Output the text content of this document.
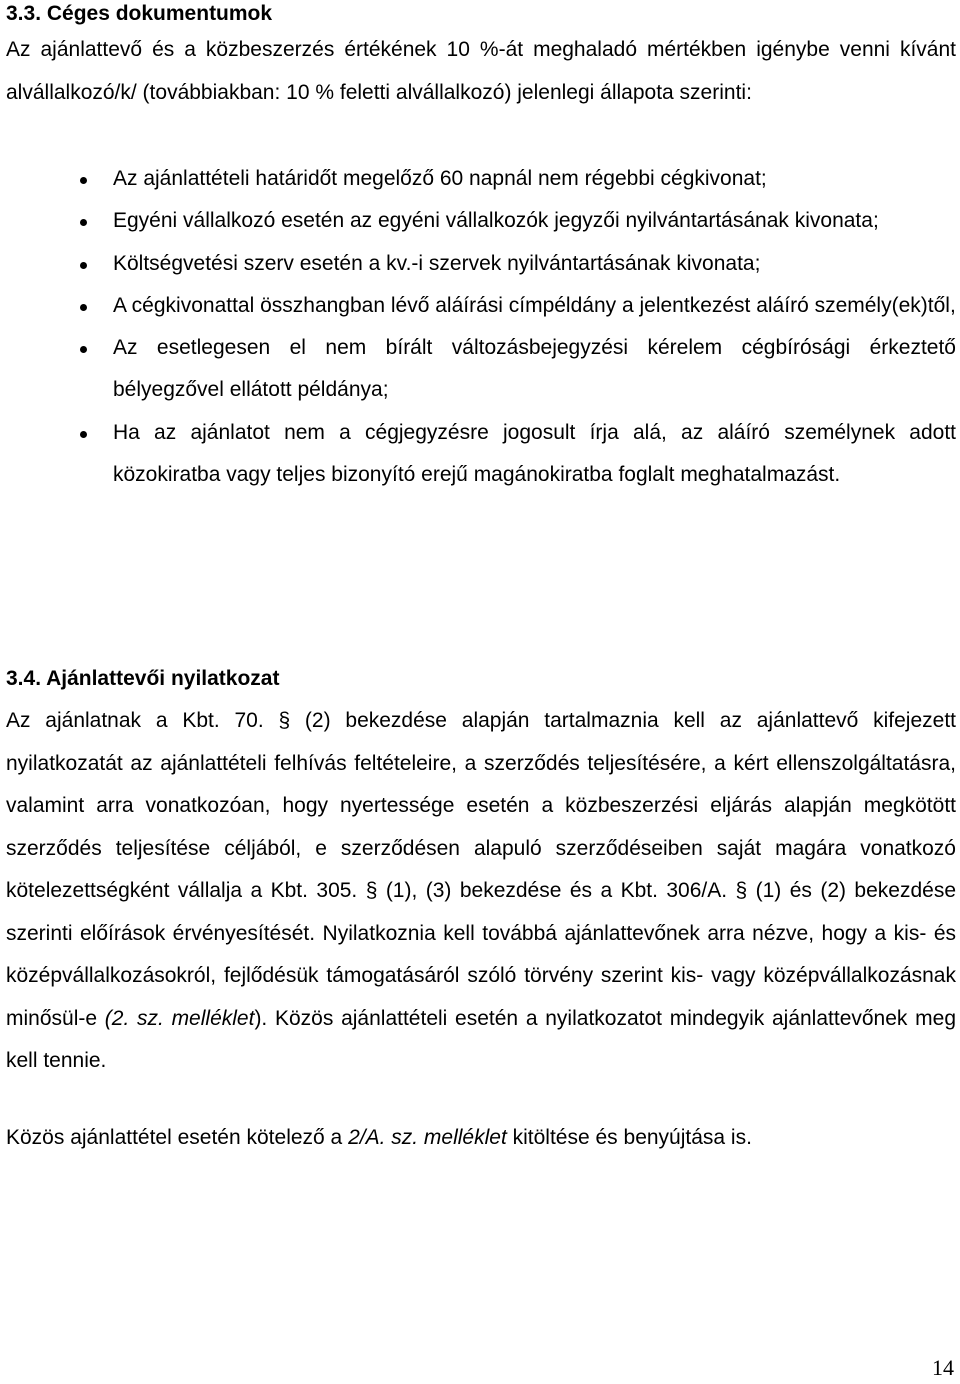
3.3. Céges dokumentumok

Az ajánlattevő és a közbeszerzés értékének 10 %-át meghaladó mértékben igénybe venni kívánt alvállalkozó/k/ (továbbiakban: 10 % feletti alvállalkozó) jelenlegi állapota szerinti:

Az ajánlattételi határidőt megelőző 60 napnál nem régebbi cégkivonat;
Egyéni vállalkozó esetén az egyéni vállalkozók jegyzői nyilvántartásának kivonata;
Költségvetési szerv esetén a kv.-i szervek nyilvántartásának kivonata;
A cégkivonattal összhangban lévő aláírási címpéldány a jelentkezést aláíró személy(ek)től,
Az esetlegesen el nem bírált változásbejegyzési kérelem cégbírósági érkeztető bélyegzővel ellátott példánya;
Ha az ajánlatot nem a cégjegyzésre jogosult írja alá, az aláíró személynek adott közokiratba vagy teljes bizonyító erejű magánokiratba foglalt meghatalmazást.
3.4. Ajánlattevői nyilatkozat

Az ajánlatnak a Kbt. 70. § (2) bekezdése alapján tartalmaznia kell az ajánlattevő kifejezett nyilatkozatát az ajánlattételi felhívás feltételeire, a szerződés teljesítésére, a kért ellenszolgáltatásra, valamint arra vonatkozóan, hogy nyertessége esetén a közbeszerzési eljárás alapján megkötött szerződés teljesítése céljából, e szerződésen alapuló szerződéseiben saját magára vonatkozó kötelezettségként vállalja a Kbt. 305. § (1), (3) bekezdése és a Kbt. 306/A. § (1) és (2) bekezdése szerinti előírások érvényesítését. Nyilatkoznia kell továbbá ajánlattevőnek arra nézve, hogy a kis- és középvállalkozásokról, fejlődésük támogatásáról szóló törvény szerint kis- vagy középvállalkozásnak minősül-e (2. sz. melléklet). Közös ajánlattételi esetén a nyilatkozatot mindegyik ajánlattevőnek meg kell tennie.

Közös ajánlattétel esetén kötelező a 2/A. sz. melléklet kitöltése és benyújtása is.

14
